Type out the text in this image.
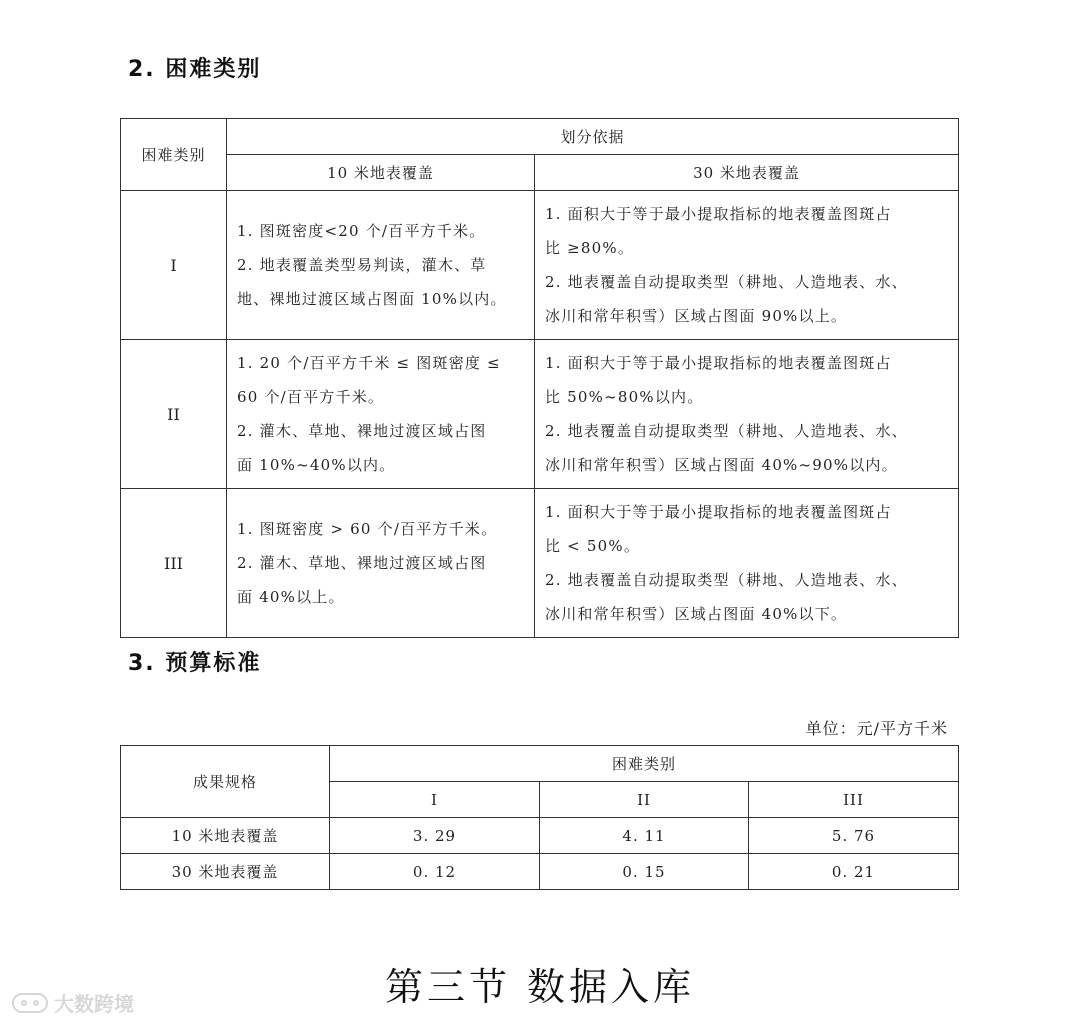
2. 困难类别
困难类别	划分依据	
	10 米地表覆盖	30 米地表覆盖
I	1. 图斑密度<20 个/百平方千米。
2. 地表覆盖类型易判读，灌木、草
地、裸地过渡区域占图面 10%以内。	1. 面积大于等于最小提取指标的地表覆盖图斑占
比 ≥80%。
2. 地表覆盖自动提取类型（耕地、人造地表、水、
冰川和常年积雪）区域占图面 90%以上。

II	1. 20 个/百平方千米 ≤ 图斑密度 ≤
60 个/百平方千米。
2. 灌木、草地、裸地过渡区域占图
面 10%~40%以内。	1. 面积大于等于最小提取指标的地表覆盖图斑占
比 50%~80%以内。
2. 地表覆盖自动提取类型（耕地、人造地表、水、
冰川和常年积雪）区域占图面 40%~90%以内。

III	1. 图斑密度 > 60 个/百平方千米。
2. 灌木、草地、裸地过渡区域占图
面 40%以上。	1. 面积大于等于最小提取指标的地表覆盖图斑占
比 < 50%。
2. 地表覆盖自动提取类型（耕地、人造地表、水、
冰川和常年积雪）区域占图面 40%以下。
3. 预算标准
单位：元/平方千米
成果规格	困难类别		
	I	II	III
10 米地表覆盖	3. 29	4. 11	5. 76
30 米地表覆盖	0. 12	0. 15	0. 21
第三节 数据入库
大数跨境
